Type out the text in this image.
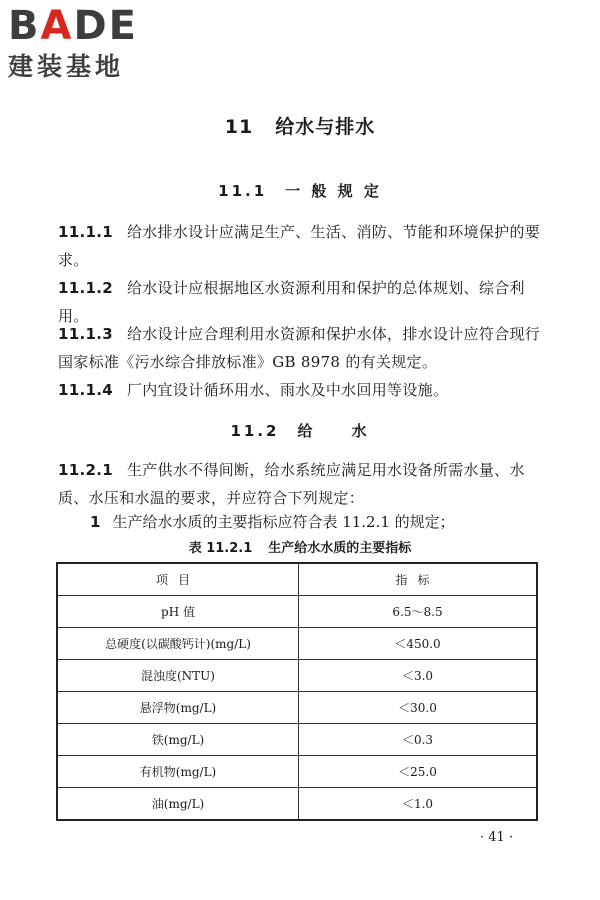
BADE
建装基地
11 给水与排水
11.1　一 般 规 定
11.1.1 给水排水设计应满足生产、生活、消防、节能和环境保护的要求。
11.1.2 给水设计应根据地区水资源利用和保护的总体规划、综合利用。
11.1.3 给水设计应合理利用水资源和保护水体，排水设计应符合现行国家标准《污水综合排放标准》GB 8978 的有关规定。
11.1.4 厂内宜设计循环用水、雨水及中水回用等设施。
11.2　给　　水
11.2.1 生产供水不得间断，给水系统应满足用水设备所需水量、水质、水压和水温的要求，并应符合下列规定：
1 生产给水水质的主要指标应符合表 11.2.1 的规定；
表 11.2.1 生产给水水质的主要指标
项目	指标
pH 值	6.5～8.5
总硬度(以碳酸钙计)(mg/L)	＜450.0
混浊度(NTU)	＜3.0
悬浮物(mg/L)	＜30.0
铁(mg/L)	＜0.3
有机物(mg/L)	＜25.0
油(mg/L)	＜1.0
· 41 ·
